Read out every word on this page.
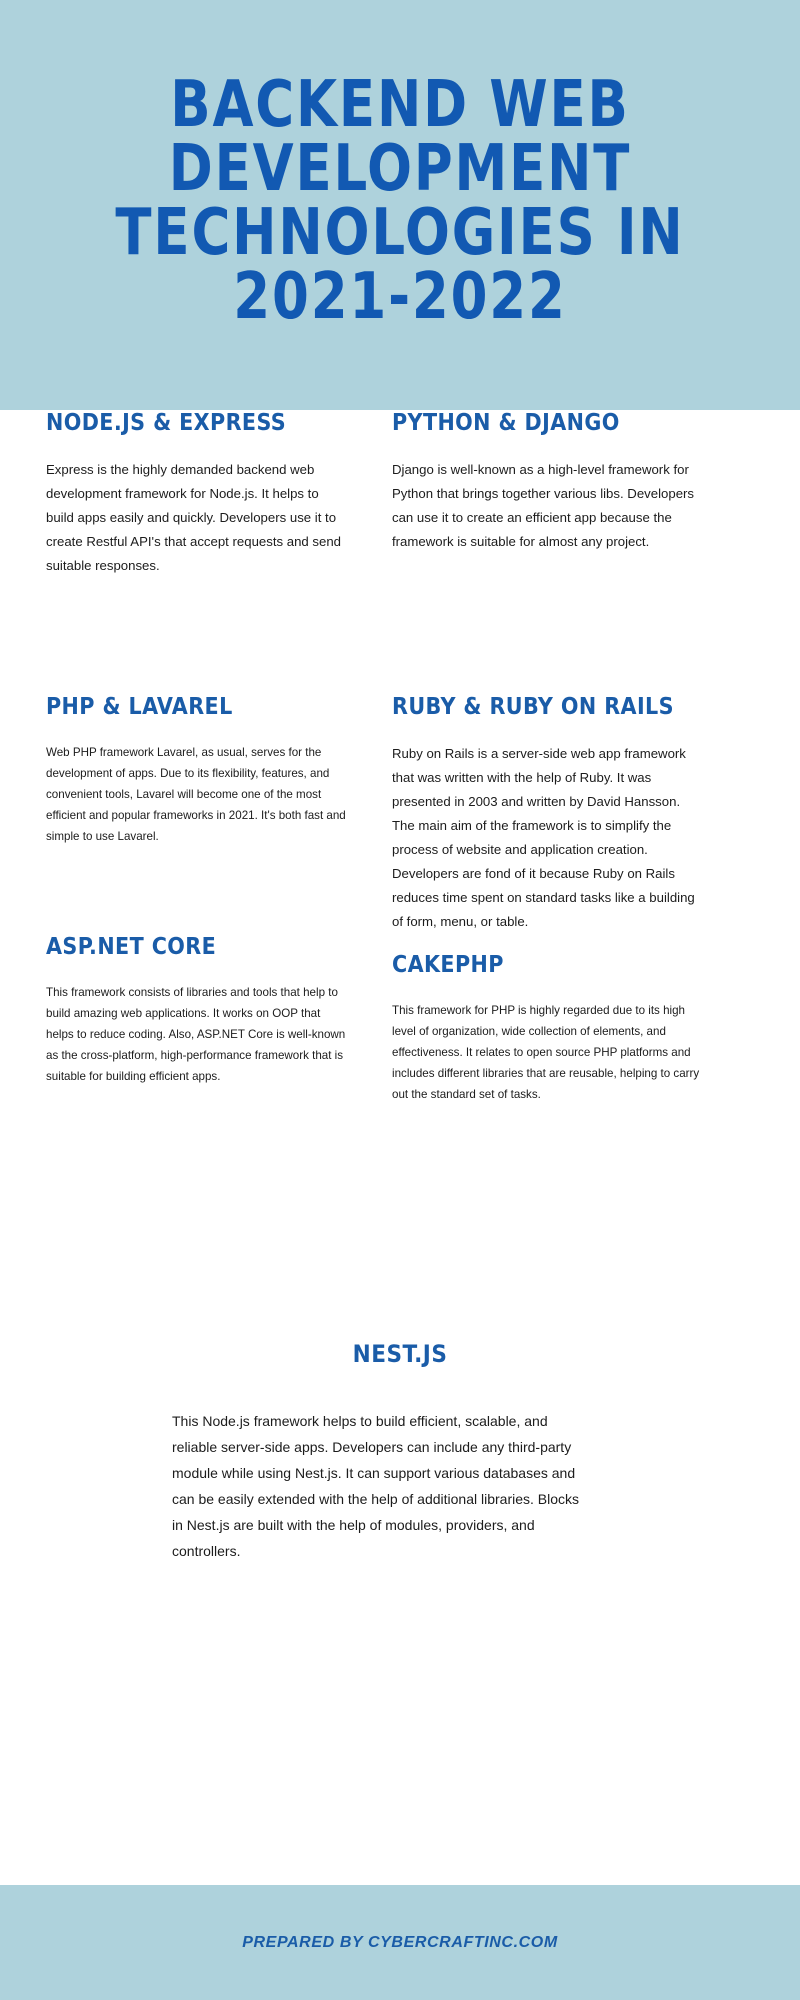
BACKEND WEB
DEVELOPMENT
TECHNOLOGIES IN
2021-2022
NODE.JS & EXPRESS

Express is the highly demanded backend web development framework for Node.js. It helps to build apps easily and quickly. Developers use it to create Restful API's that accept requests and send suitable responses.

PYTHON & DJANGO

Django is well-known as a high-level framework for Python that brings together various libs. Developers can use it to create an efficient app because the framework is suitable for almost any project.

PHP & LAVAREL

Web PHP framework Lavarel, as usual, serves for the development of apps. Due to its flexibility, features, and convenient tools, Lavarel will become one of the most efficient and popular frameworks in 2021. It's both fast and simple to use Lavarel.

RUBY & RUBY ON RAILS

Ruby on Rails is a server-side web app framework that was written with the help of Ruby. It was presented in 2003 and written by David Hansson. The main aim of the framework is to simplify the process of website and application creation. Developers are fond of it because Ruby on Rails reduces time spent on standard tasks like a building of form, menu, or table.

ASP.NET CORE

This framework consists of libraries and tools that help to build amazing web applications. It works on OOP that helps to reduce coding. Also, ASP.NET Core is well-known as the cross-platform, high-performance framework that is suitable for building efficient apps.

CAKEPHP

This framework for PHP is highly regarded due to its high level of organization, wide collection of elements, and effectiveness. It relates to open source PHP platforms and includes different libraries that are reusable, helping to carry out the standard set of tasks.

NEST.JS

This Node.js framework helps to build efficient, scalable, and reliable server-side apps. Developers can include any third-party module while using Nest.js. It can support various databases and can be easily extended with the help of additional libraries. Blocks in Nest.js are built with the help of modules, providers, and controllers.

PREPARED BY CYBERCRAFTINC.COM
